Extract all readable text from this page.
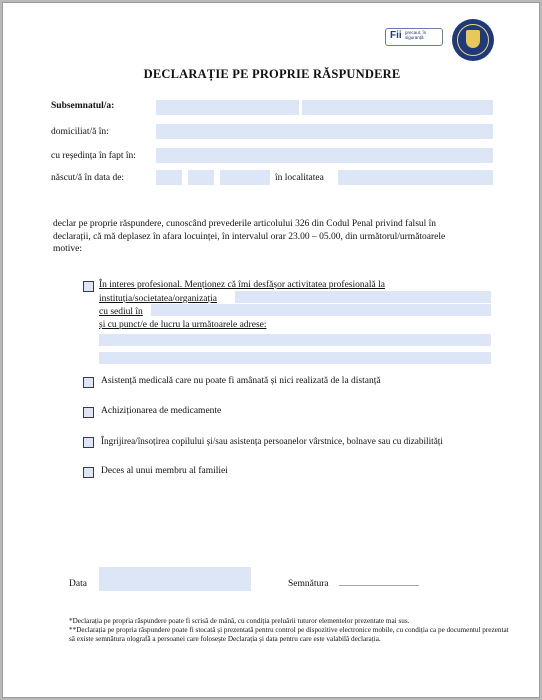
Fii precaut, în siguranță
DECLARAȚIE PE PROPRIE RĂSPUNDERE
Subsemnatul/a:
domiciliat/ă în:
cu reședința în fapt în:
născut/ă în data de:	în localitatea
declar pe proprie răspundere, cunoscând prevederile articolului 326 din Codul Penal privind falsul în declarații, că mă deplasez în afara locuinței, în intervalul orar 23.00 – 05.00, din următorul/următoarele motive:
În interes profesional. Menționez că îmi desfășor activitatea profesională la
instituția/societatea/organizația
cu sediul în
și cu punct/e de lucru la următoarele adrese:
Asistență medicală care nu poate fi amânată și nici realizată de la distanță
Achiziționarea de medicamente
Îngrijirea/însoțirea copilului și/sau asistența persoanelor vârstnice, bolnave sau cu dizabilități
Deces al unui membru al familiei
Data	Semnătura ........................................
*Declarația pe propria răspundere poate fi scrisă de mână, cu condiția preluării tuturor elementelor prezentate mai sus.
**Declarația pe propria răspundere poate fi stocată și prezentată pentru control pe dispozitive electronice mobile, cu condiția ca pe documentul prezentat să existe semnătura olografă a persoanei care folosește Declarația și data pentru care este valabilă declarația.
